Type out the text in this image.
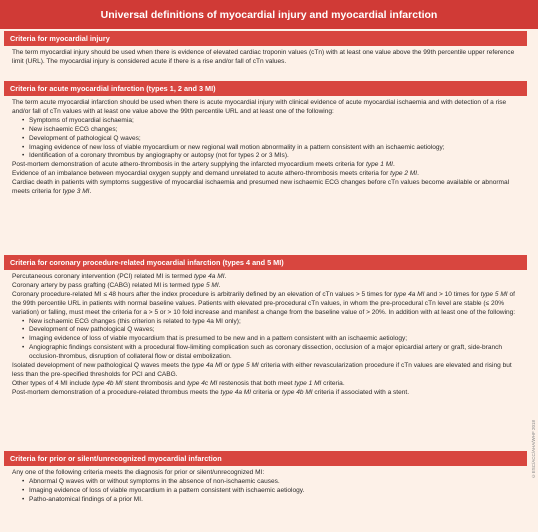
Universal definitions of myocardial injury and myocardial infarction
Criteria for myocardial injury

The term myocardial injury should be used when there is evidence of elevated cardiac troponin values (cTn) with at least one value above the 99th percentile upper reference limit (URL). The myocardial injury is considered acute if there is a rise and/or fall of cTn values.

Criteria for acute myocardial infarction (types 1, 2 and 3 MI)

The term acute myocardial infarction should be used when there is acute myocardial injury with clinical evidence of acute myocardial ischaemia and with detection of a rise and/or fall of cTn values with at least one value above the 99th percentile URL and at least one of the following:

• Symptoms of myocardial ischaemia;
• New ischaemic ECG changes;
• Development of pathological Q waves;
• Imaging evidence of new loss of viable myocardium or new regional wall motion abnormality in a pattern consistent with an ischaemic aetiology;
• Identification of a coronary thrombus by angiography or autopsy (not for types 2 or 3 MIs).

Post-mortem demonstration of acute athero-thrombosis in the artery supplying the infarcted myocardium meets criteria for type 1 MI.

Evidence of an imbalance between myocardial oxygen supply and demand unrelated to acute athero-thrombosis meets criteria for type 2 MI.

Cardiac death in patients with symptoms suggestive of myocardial ischaemia and presumed new ischaemic ECG changes before cTn values become available or abnormal meets criteria for type 3 MI.

Criteria for coronary procedure-related myocardial infarction (types 4 and 5 MI)

Percutaneous coronary intervention (PCI) related MI is termed type 4a MI.

Coronary artery by pass grafting (CABG) related MI is termed type 5 MI.

Coronary procedure-related MI ≤ 48 hours after the index procedure is arbitrarily defined by an elevation of cTn values > 5 times for type 4a MI and > 10 times for type 5 MI of the 99th percentile URL in patients with normal baseline values. Patients with elevated pre-procedural cTn values, in whom the pre-procedural cTn level are stable (≤ 20% variation) or falling, must meet the criteria for a > 5 or > 10 fold increase and manifest a change from the baseline value of > 20%. In addition with at least one of the following:

• New ischaemic ECG changes (this criterion is related to type 4a MI only);
• Development of new pathological Q waves;
• Imaging evidence of loss of viable myocardium that is presumed to be new and in a pattern consistent with an ischaemic aetiology;
• Angiographic findings consistent with a procedural flow-limiting complication such as coronary dissection, occlusion of a major epicardial artery or graft, side-branch occlusion-thrombus, disruption of collateral flow or distal embolization.

Isolated development of new pathological Q waves meets the type 4a MI or type 5 MI criteria with either revascularization procedure if cTn values are elevated and rising but less than the pre-specified thresholds for PCI and CABG.

Other types of 4 MI include type 4b MI stent thrombosis and type 4c MI restenosis that both meet type 1 MI criteria.

Post-mortem demonstration of a procedure-related thrombus meets the type 4a MI criteria or type 4b MI criteria if associated with a stent.

Criteria for prior or silent/unrecognized myocardial infarction

Any one of the following criteria meets the diagnosis for prior or silent/unrecognized MI:

• Abnormal Q waves with or without symptoms in the absence of non-ischaemic causes.
• Imaging evidence of loss of viable myocardium in a pattern consistent with ischaemic aetiology.
• Patho-anatomical findings of a prior MI.
©ESC/ACC/AHA/WHF 2018
